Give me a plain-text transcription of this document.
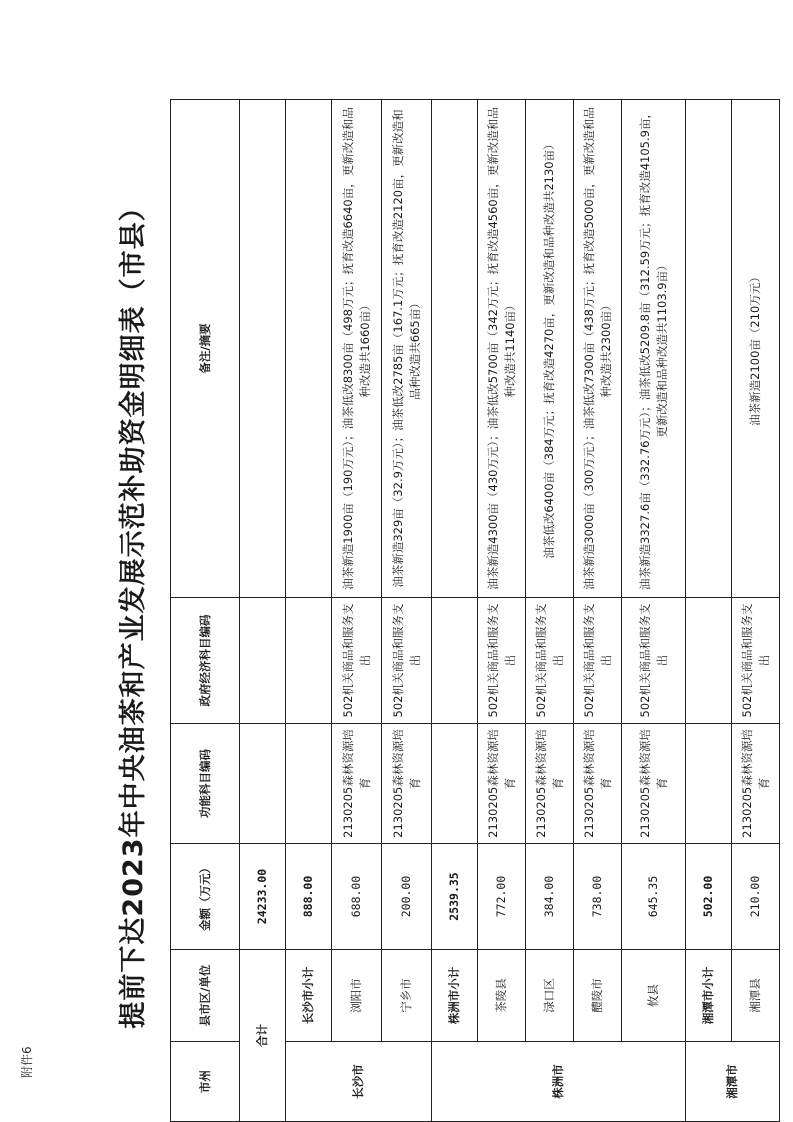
附件6
提前下达2023年中央油茶和产业发展示范补助资金明细表（市县）
市州	县市区/单位	金额（万元）	功能科目编码	政府经济科目编码	备注/摘要
合计		24233.00			
长沙市	长沙市小计	888.00			
	浏阳市	688.00	2130205森林资源培育	502机关商品和服务支出	油茶新造1900亩（190万元）；油茶低改8300亩（498万元；抚育改造6640亩，更新改造和品种改造共1660亩）
	宁乡市	200.00	2130205森林资源培育	502机关商品和服务支出	油茶新造329亩（32.9万元）；油茶低改2785亩（167.1万元；抚育改造2120亩，更新改造和品种改造共665亩）
株洲市	株洲市小计	2539.35			
	茶陵县	772.00	2130205森林资源培育	502机关商品和服务支出	油茶新造4300亩（430万元）；油茶低改5700亩（342万元；抚育改造4560亩，更新改造和品种改造共1140亩）
	渌口区	384.00	2130205森林资源培育	502机关商品和服务支出	油茶低改6400亩（384万元；抚育改造4270亩，更新改造和品种改造共2130亩）
	醴陵市	738.00	2130205森林资源培育	502机关商品和服务支出	油茶新造3000亩（300万元）；油茶低改7300亩（438万元；抚育改造5000亩，更新改造和品种改造共2300亩）
	攸县	645.35	2130205森林资源培育	502机关商品和服务支出	油茶新造3327.6亩（332.76万元）；油茶低改5209.8亩（312.59万元；抚育改造4105.9亩，更新改造和品种改造共1103.9亩）
湘潭市	湘潭市小计	502.00			
	湘潭县	210.00	2130205森林资源培育	502机关商品和服务支出	油茶新造2100亩（210万元）
